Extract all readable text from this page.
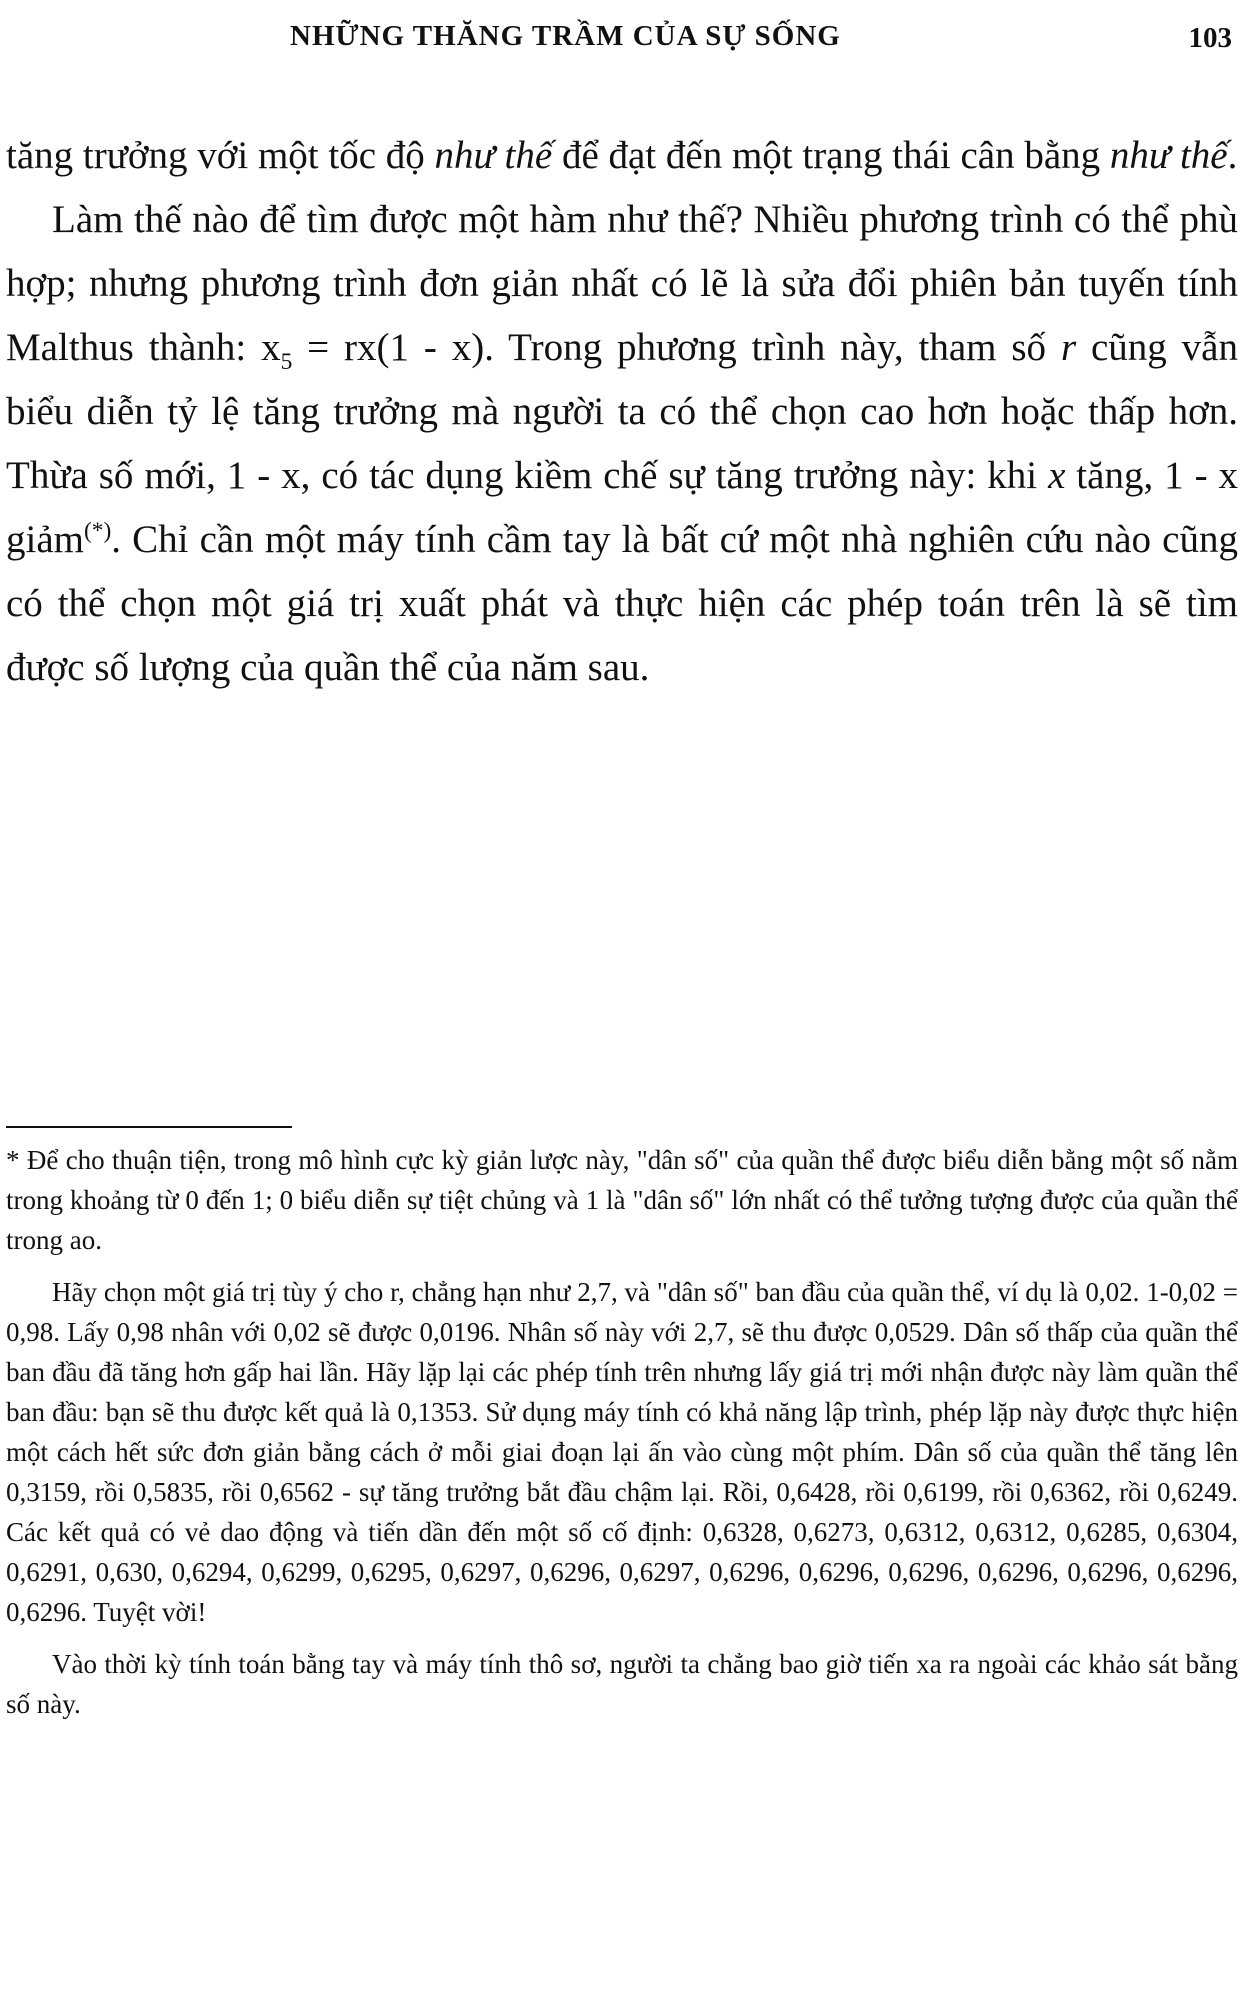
NHỮNG THĂNG TRẦM CỦA SỰ SỐNG	103

tăng trưởng với một tốc độ như thế để đạt đến một trạng thái cân bằng như thế.

Làm thế nào để tìm được một hàm như thế? Nhiều phương trình có thể phù hợp; nhưng phương trình đơn giản nhất có lẽ là sửa đổi phiên bản tuyến tính Malthus thành: $x_5 = rx(1 - x)$. Trong phương trình này, tham số r cũng vẫn biểu diễn tỷ lệ tăng trưởng mà người ta có thể chọn cao hơn hoặc thấp hơn. Thừa số mới, 1 - x, có tác dụng kiềm chế sự tăng trưởng này: khi x tăng, 1 - x giảm(*). Chỉ cần một máy tính cầm tay là bất cứ một nhà nghiên cứu nào cũng có thể chọn một giá trị xuất phát và thực hiện các phép toán trên là sẽ tìm được số lượng của quần thể của năm sau.

* Để cho thuận tiện, trong mô hình cực kỳ giản lược này, "dân số" của quần thể được biểu diễn bằng một số nằm trong khoảng từ 0 đến 1; 0 biểu diễn sự tiệt chủng và 1 là "dân số" lớn nhất có thể tưởng tượng được của quần thể trong ao.

Hãy chọn một giá trị tùy ý cho r, chẳng hạn như 2,7, và "dân số" ban đầu của quần thể, ví dụ là 0,02. 1-0,02 = 0,98. Lấy 0,98 nhân với 0,02 sẽ được 0,0196. Nhân số này với 2,7, sẽ thu được 0,0529. Dân số thấp của quần thể ban đầu đã tăng hơn gấp hai lần. Hãy lặp lại các phép tính trên nhưng lấy giá trị mới nhận được này làm quần thể ban đầu: bạn sẽ thu được kết quả là 0,1353. Sử dụng máy tính có khả năng lập trình, phép lặp này được thực hiện một cách hết sức đơn giản bằng cách ở mỗi giai đoạn lại ấn vào cùng một phím. Dân số của quần thể tăng lên 0,3159, rồi 0,5835, rồi 0,6562 - sự tăng trưởng bắt đầu chậm lại. Rồi, 0,6428, rồi 0,6199, rồi 0,6362, rồi 0,6249. Các kết quả có vẻ dao động và tiến dần đến một số cố định: 0,6328, 0,6273, 0,6312, 0,6312, 0,6285, 0,6304, 0,6291, 0,630, 0,6294, 0,6299, 0,6295, 0,6297, 0,6296, 0,6297, 0,6296, 0,6296, 0,6296, 0,6296, 0,6296, 0,6296, 0,6296. Tuyệt vời!

Vào thời kỳ tính toán bằng tay và máy tính thô sơ, người ta chẳng bao giờ tiến xa ra ngoài các khảo sát bằng số này.
